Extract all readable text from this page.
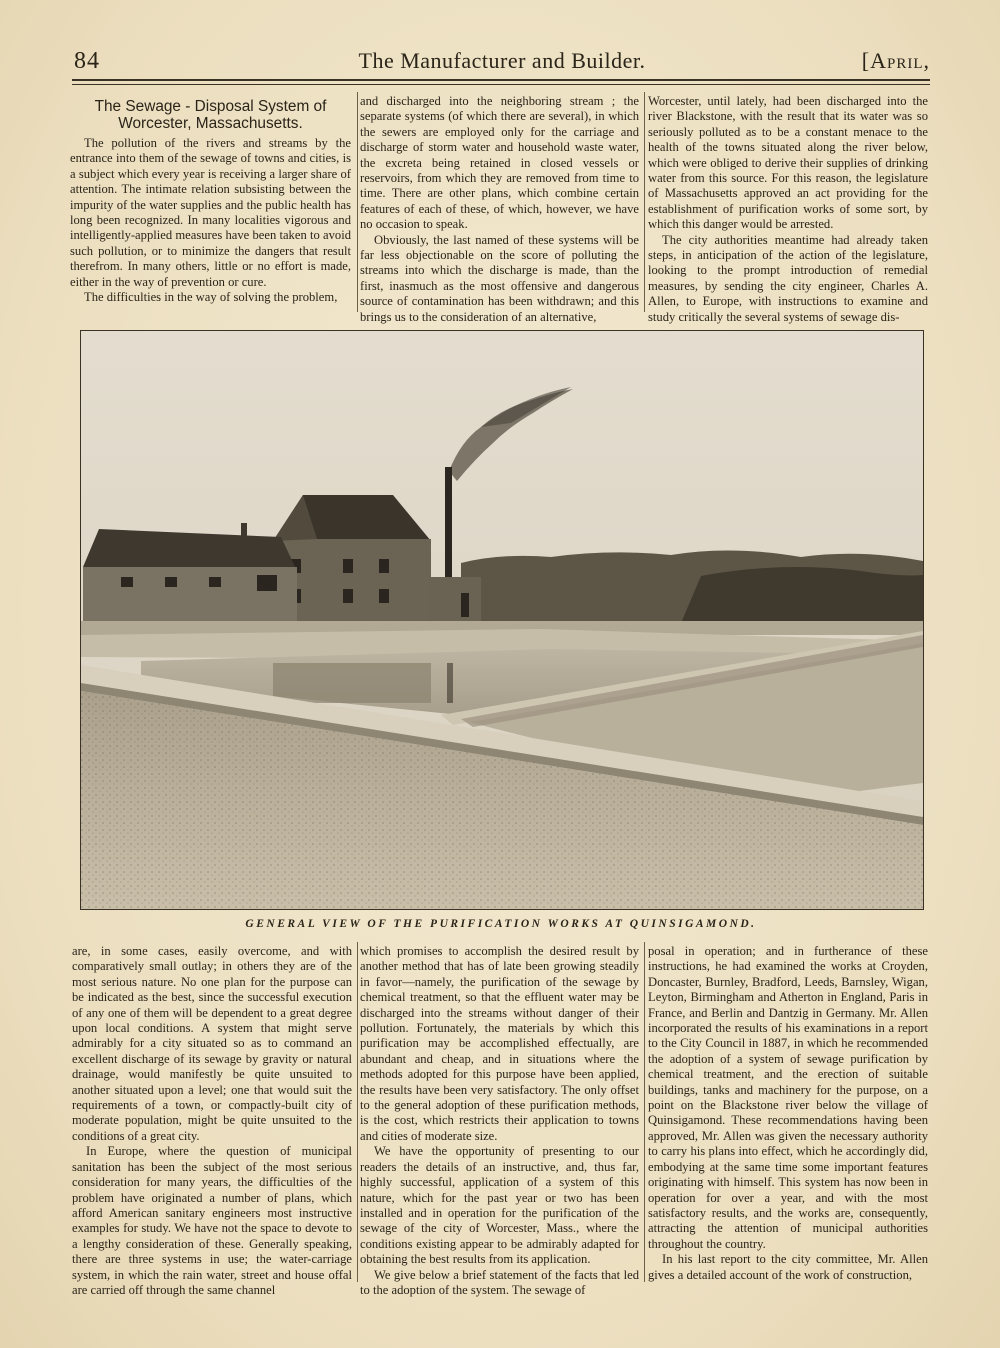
84	The Manufacturer and Builder.	[April,
The Sewage - Disposal System of Worcester, Massachusetts.

The pollution of the rivers and streams by the entrance into them of the sewage of towns and cities, is a subject which every year is receiving a larger share of attention. The intimate relation subsisting between the impurity of the water supplies and the public health has long been recognized. In many localities vigorous and intelligently-applied measures have been taken to avoid such pollution, or to minimize the dangers that result therefrom. In many others, little or no effort is made, either in the way of prevention or cure.

The difficulties in the way of solving the problem,

and discharged into the neighboring stream ; the separate systems (of which there are several), in which the sewers are employed only for the carriage and discharge of storm water and household waste water, the excreta being retained in closed vessels or reservoirs, from which they are removed from time to time. There are other plans, which combine certain features of each of these, of which, however, we have no occasion to speak.

Obviously, the last named of these systems will be far less objectionable on the score of polluting the streams into which the discharge is made, than the first, inasmuch as the most offensive and dangerous source of contamination has been withdrawn; and this brings us to the consideration of an alternative,

Worcester, until lately, had been discharged into the river Blackstone, with the result that its water was so seriously polluted as to be a constant menace to the health of the towns situated along the river below, which were obliged to derive their supplies of drinking water from this source. For this reason, the legislature of Massachusetts approved an act providing for the establishment of purification works of some sort, by which this danger would be arrested.

The city authorities meantime had already taken steps, in anticipation of the action of the legislature, looking to the prompt introduction of remedial measures, by sending the city engineer, Charles A. Allen, to Europe, with instructions to examine and study critically the several systems of sewage dis-

GENERAL VIEW OF THE PURIFICATION WORKS AT QUINSIGAMOND.

are, in some cases, easily overcome, and with comparatively small outlay; in others they are of the most serious nature. No one plan for the purpose can be indicated as the best, since the successful execution of any one of them will be dependent to a great degree upon local conditions. A system that might serve admirably for a city situated so as to command an excellent discharge of its sewage by gravity or natural drainage, would manifestly be quite unsuited to another situated upon a level; one that would suit the requirements of a town, or compactly-built city of moderate population, might be quite unsuited to the conditions of a great city.

In Europe, where the question of municipal sanitation has been the subject of the most serious consideration for many years, the difficulties of the problem have originated a number of plans, which afford American sanitary engineers most instructive examples for study. We have not the space to devote to a lengthy consideration of these. Generally speaking, there are three systems in use; the water-carriage system, in which the rain water, street and house offal are carried off through the same channel

which promises to accomplish the desired result by another method that has of late been growing steadily in favor—namely, the purification of the sewage by chemical treatment, so that the effluent water may be discharged into the streams without danger of their pollution. Fortunately, the materials by which this purification may be accomplished effectually, are abundant and cheap, and in situations where the methods adopted for this purpose have been applied, the results have been very satisfactory. The only offset to the general adoption of these purification methods, is the cost, which restricts their application to towns and cities of moderate size.

We have the opportunity of presenting to our readers the details of an instructive, and, thus far, highly successful, application of a system of this nature, which for the past year or two has been installed and in operation for the purification of the sewage of the city of Worcester, Mass., where the conditions existing appear to be admirably adapted for obtaining the best results from its application.

We give below a brief statement of the facts that led to the adoption of the system. The sewage of

posal in operation; and in furtherance of these instructions, he had examined the works at Croyden, Doncaster, Burnley, Bradford, Leeds, Barnsley, Wigan, Leyton, Birmingham and Atherton in England, Paris in France, and Berlin and Dantzig in Germany. Mr. Allen incorporated the results of his examinations in a report to the City Council in 1887, in which he recommended the adoption of a system of sewage purification by chemical treatment, and the erection of suitable buildings, tanks and machinery for the purpose, on a point on the Blackstone river below the village of Quinsigamond. These recommendations having been approved, Mr. Allen was given the necessary authority to carry his plans into effect, which he accordingly did, embodying at the same time some important features originating with himself. This system has now been in operation for over a year, and with the most satisfactory results, and the works are, consequently, attracting the attention of municipal authorities throughout the country.

In his last report to the city committee, Mr. Allen gives a detailed account of the work of construction,
